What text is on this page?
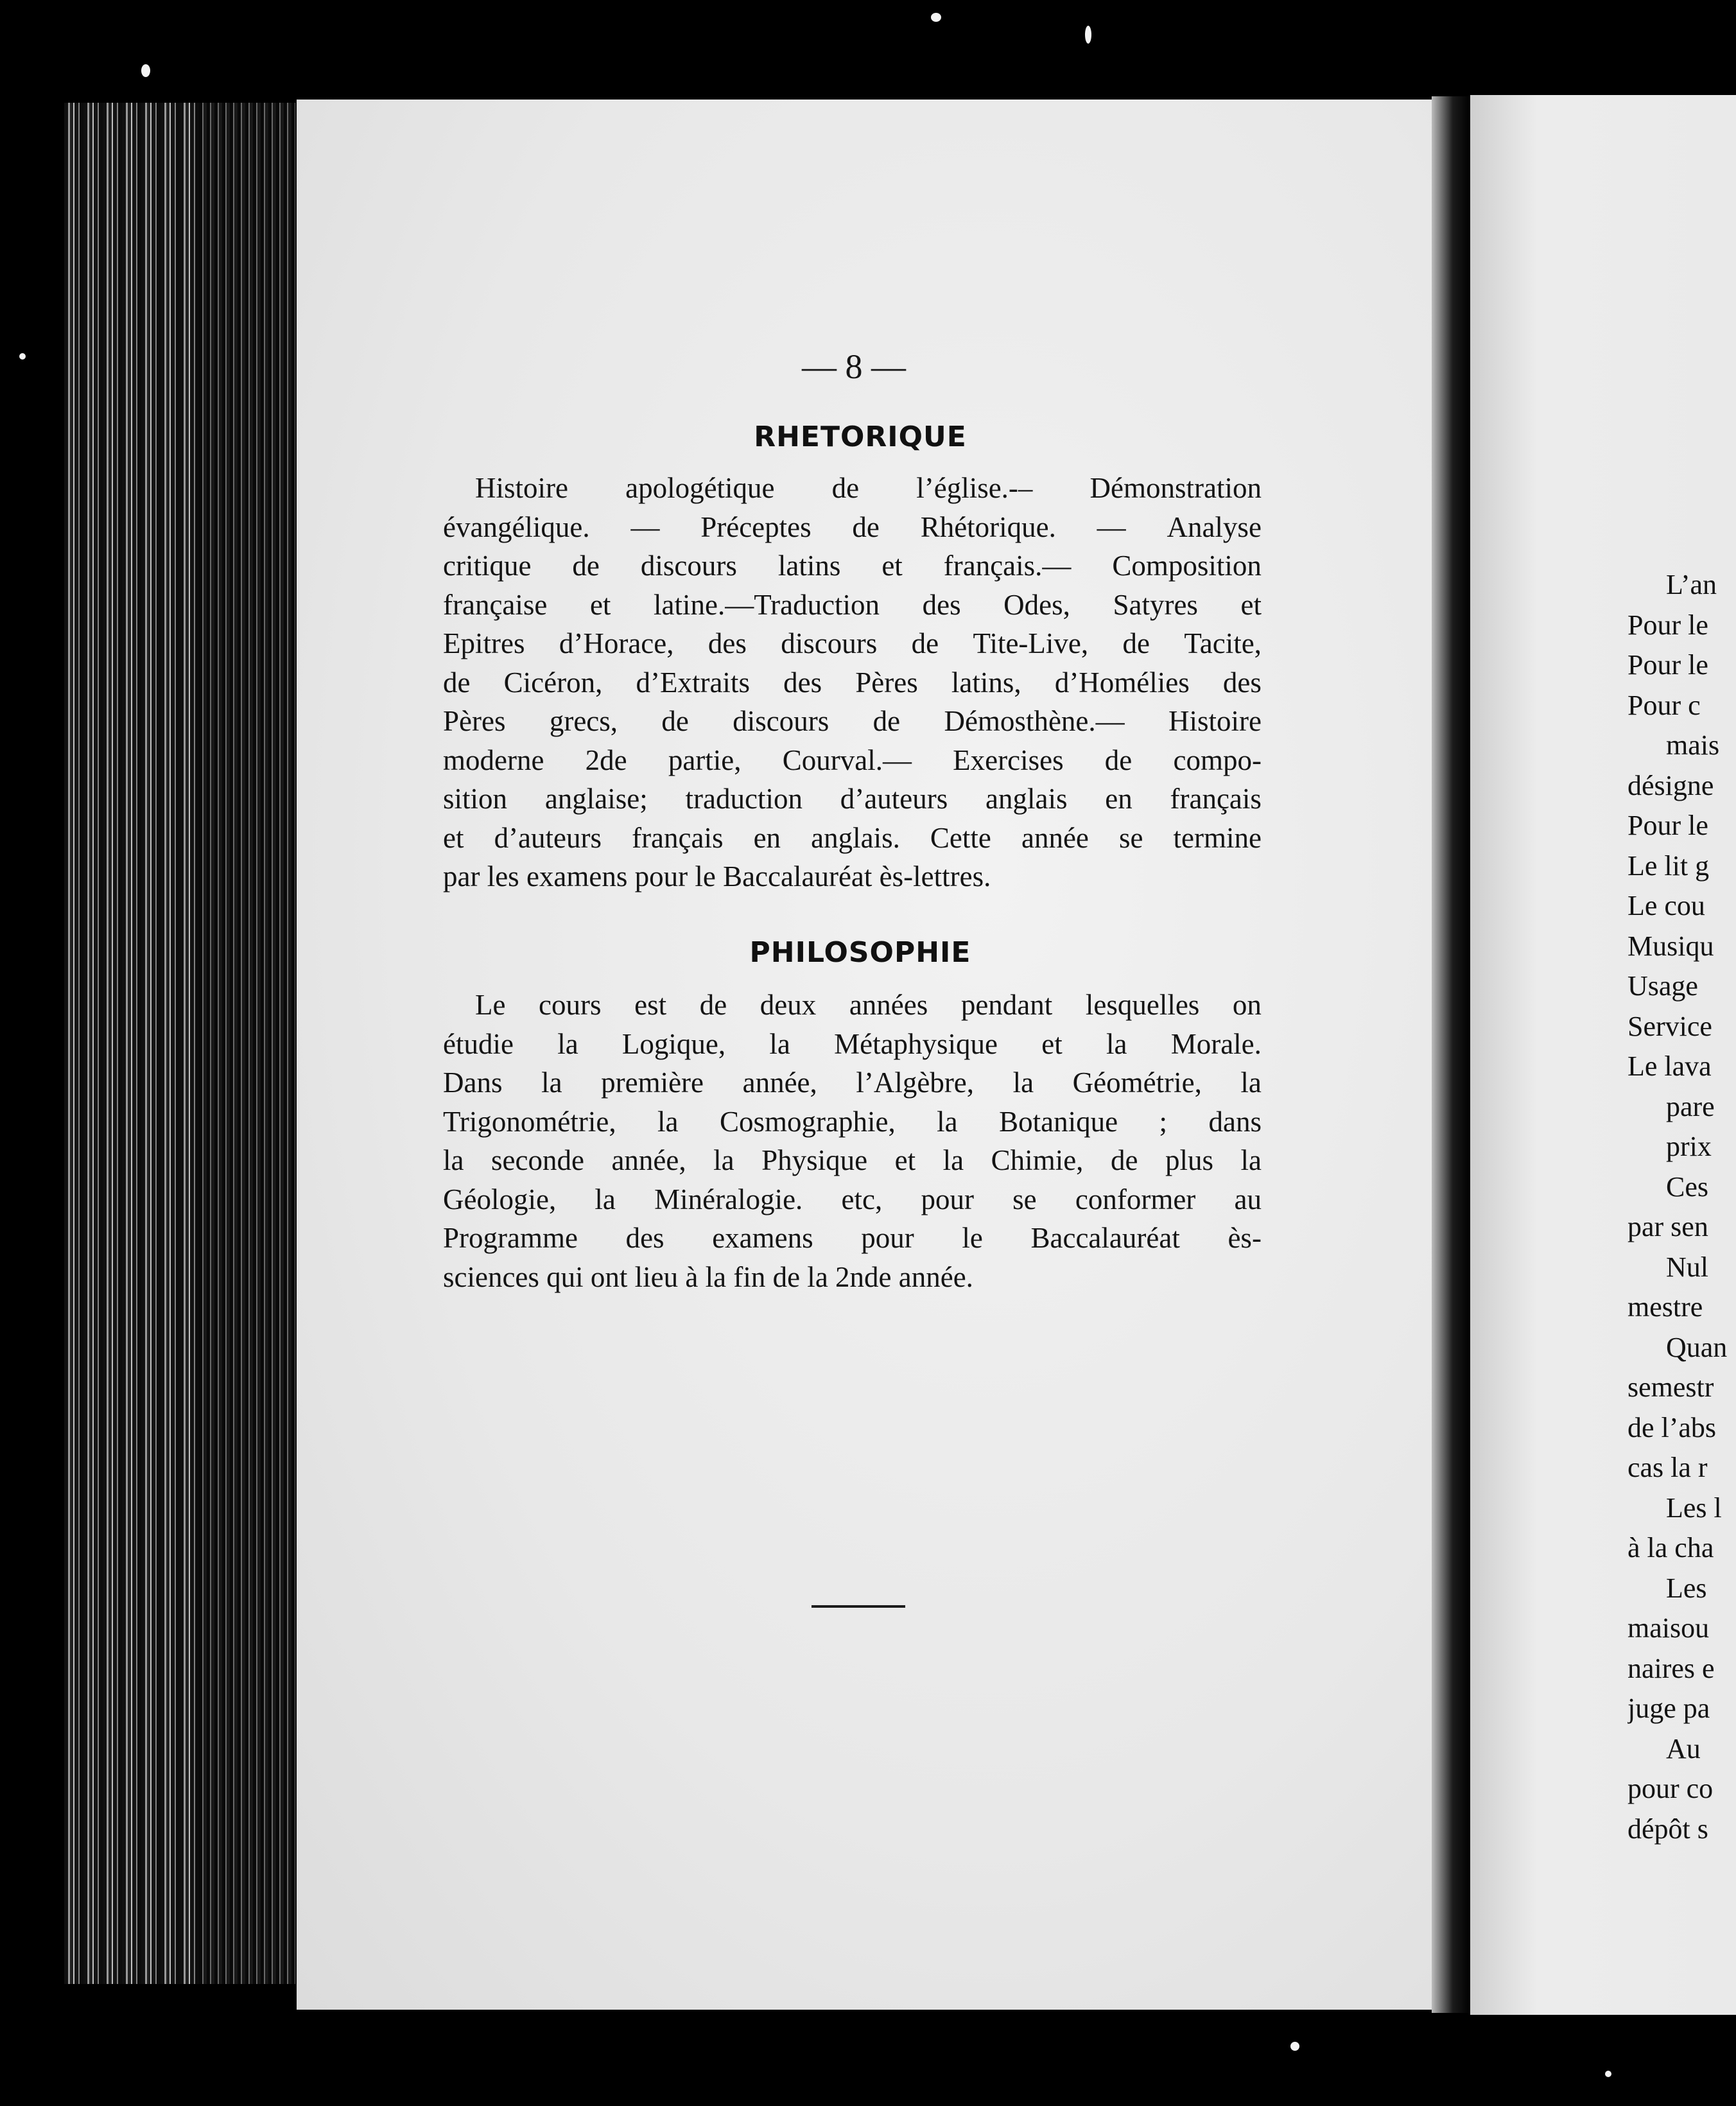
— 8 —
RHETORIQUE
Histoire apologétique de l’église.-– Démonstration
évangélique. — Préceptes de Rhétorique. — Analyse
critique de discours latins et français.— Composition
française et latine.—Traduction des Odes, Satyres et
Epitres d’Horace, des discours de Tite-Live, de Tacite,
de Cicéron, d’Extraits des Pères latins, d’Homélies des
Pères grecs, de discours de Démosthène.— Histoire
moderne 2de partie, Courval.— Exercises de compo-
sition anglaise; traduction d’auteurs anglais en français
et d’auteurs français en anglais. Cette année se termine
par les examens pour le Baccalauréat ès-lettres.
PHILOSOPHIE
Le cours est de deux années pendant lesquelles on
étudie la Logique, la Métaphysique et la Morale.
Dans la première année, l’Algèbre, la Géométrie, la
Trigonométrie, la Cosmographie, la Botanique ; dans
la seconde année, la Physique et la Chimie, de plus la
Géologie, la Minéralogie. etc, pour se conformer au
Programme des examens pour le Baccalauréat ès-
sciences qui ont lieu à la fin de la 2nde année.
L’an
Pour le
Pour le
Pour c
mais
désigne
Pour le
Le lit g
Le cou
Musiqu
Usage
Service
Le lava
pare
prix
Ces
par sen
Nul
mestre
Quan
semestr
de l’abs
cas la r
Les l
à la cha
Les
maisou
naires e
juge pa
Au
pour co
dépôt s
